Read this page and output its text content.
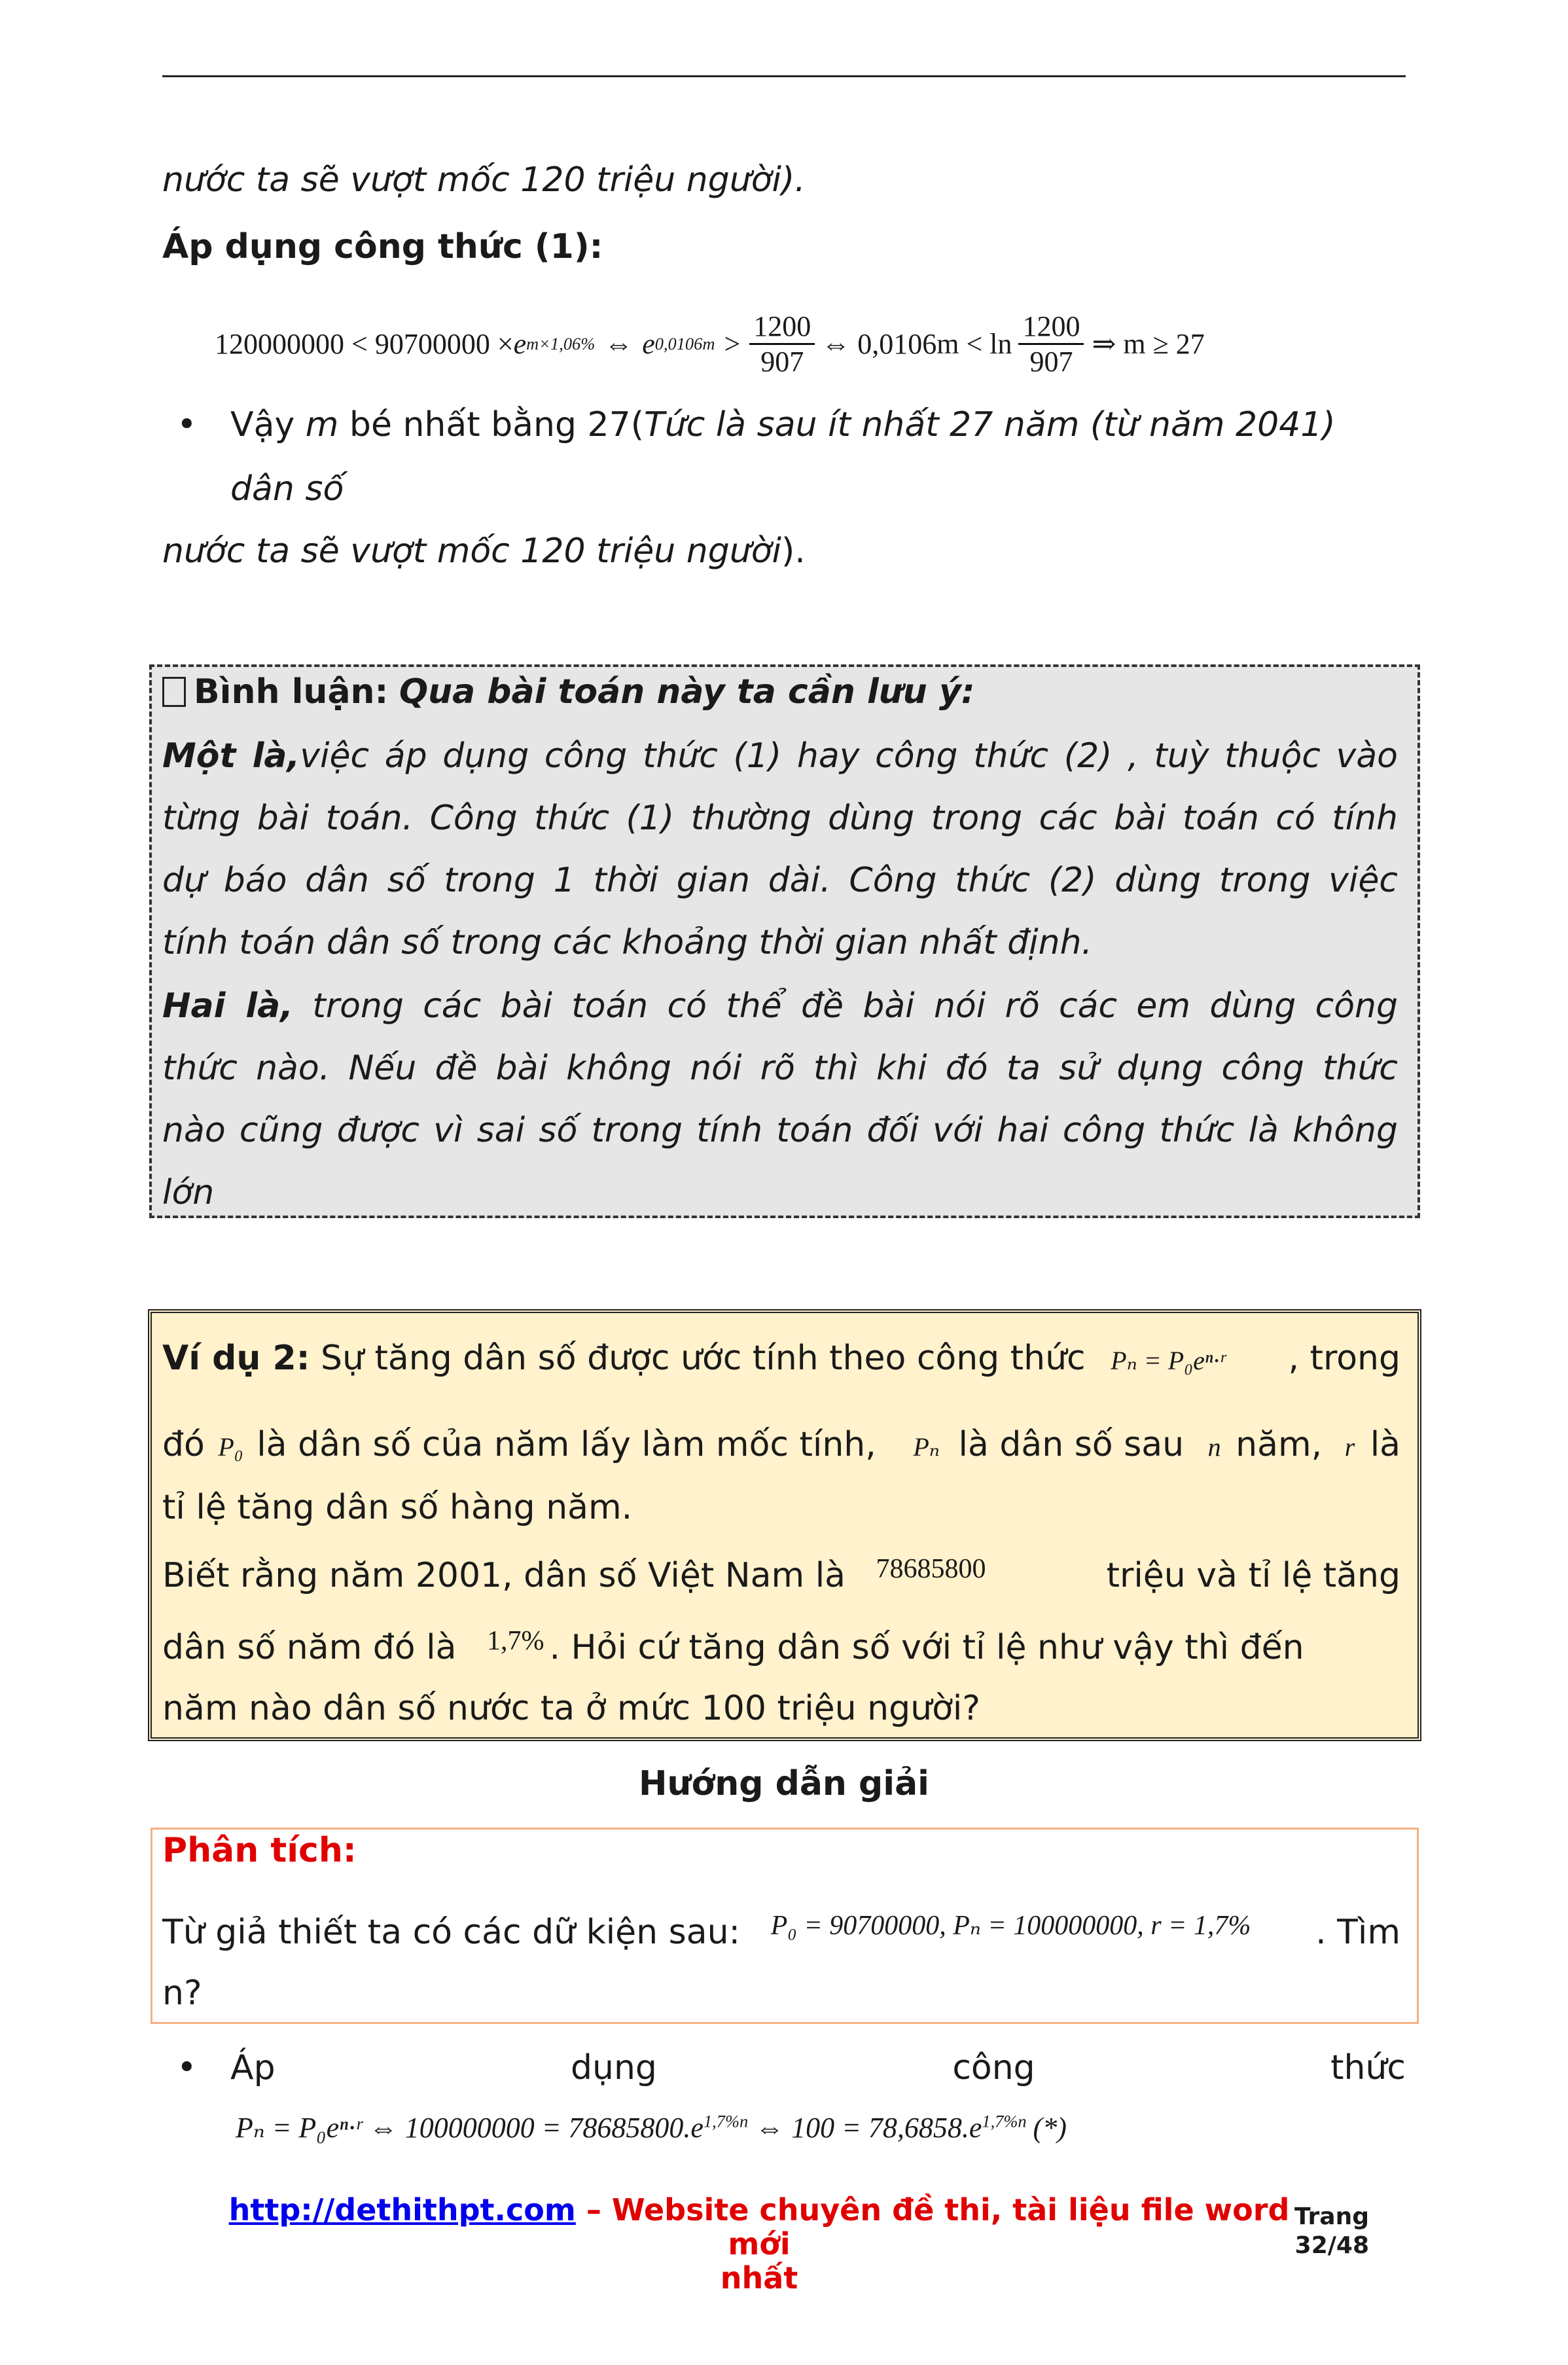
nước ta sẽ vượt mốc 120 triệu người).
Áp dụng công thức (1):
120000000 < 90700000 × e m×1,06% ⇔ e $0,0106m > \frac{1200}{907}$ ⇔ $0,0106m < \ln \frac{1200}{907}$ ⇒ m ≥ 27
• Vậy m bé nhất bằng 27(Tức là sau ít nhất 27 năm (từ năm 2041)
dân số
nước ta sẽ vượt mốc 120 triệu người).
Bình luận: Qua bài toán này ta cần lưu ý:
Một là,việc áp dụng công thức (1) hay công thức (2) , tuỳ thuộc vào
từng bài toán. Công thức (1) thường dùng trong các bài toán có tính
dự báo dân số trong 1 thời gian dài. Công thức (2) dùng trong việc
tính toán dân số trong các khoảng thời gian nhất định.
Hai là, trong các bài toán có thể đề bài nói rõ các em dùng công
thức nào. Nếu đề bài không nói rõ thì khi đó ta sử dụng công thức
nào cũng được vì sai số trong tính toán đối với hai công thức là không
lớn
Ví dụ 2: Sự tăng dân số được ước tính theo công thức Pₙ = P₀eⁿ·ʳ , trong
đó P₀ là dân số của năm lấy làm mốc tính, Pₙ là dân số sau n năm, r là
tỉ lệ tăng dân số hàng năm.
Biết rằng năm 2001, dân số Việt Nam là $^{78685800}$	triệu và tỉ lệ tăng
dân số năm đó là $^{1,7\%}$ . Hỏi cứ tăng dân số với tỉ lệ như vậy thì đến
năm nào dân số nước ta ở mức 100 triệu người?
Hướng dẫn giải
Phân tích:
Từ giả thiết ta có các dữ kiện sau: $^{P_0 = 90700000, P_n = 100000000, r = 1,7\%}$ . Tìm
n?
• Áp	dụng	công	thức
Pₙ = P₀eⁿ·ʳ ⇔ $100000000 = 78685800.e^{1,7\%n}$ ⇔ $100 = 78,6858.e^{1,7\%n}$ (*)
http://dethithpt.com – Website chuyên đề thi, tài liệu file word mới
nhất
Trang
32/48
